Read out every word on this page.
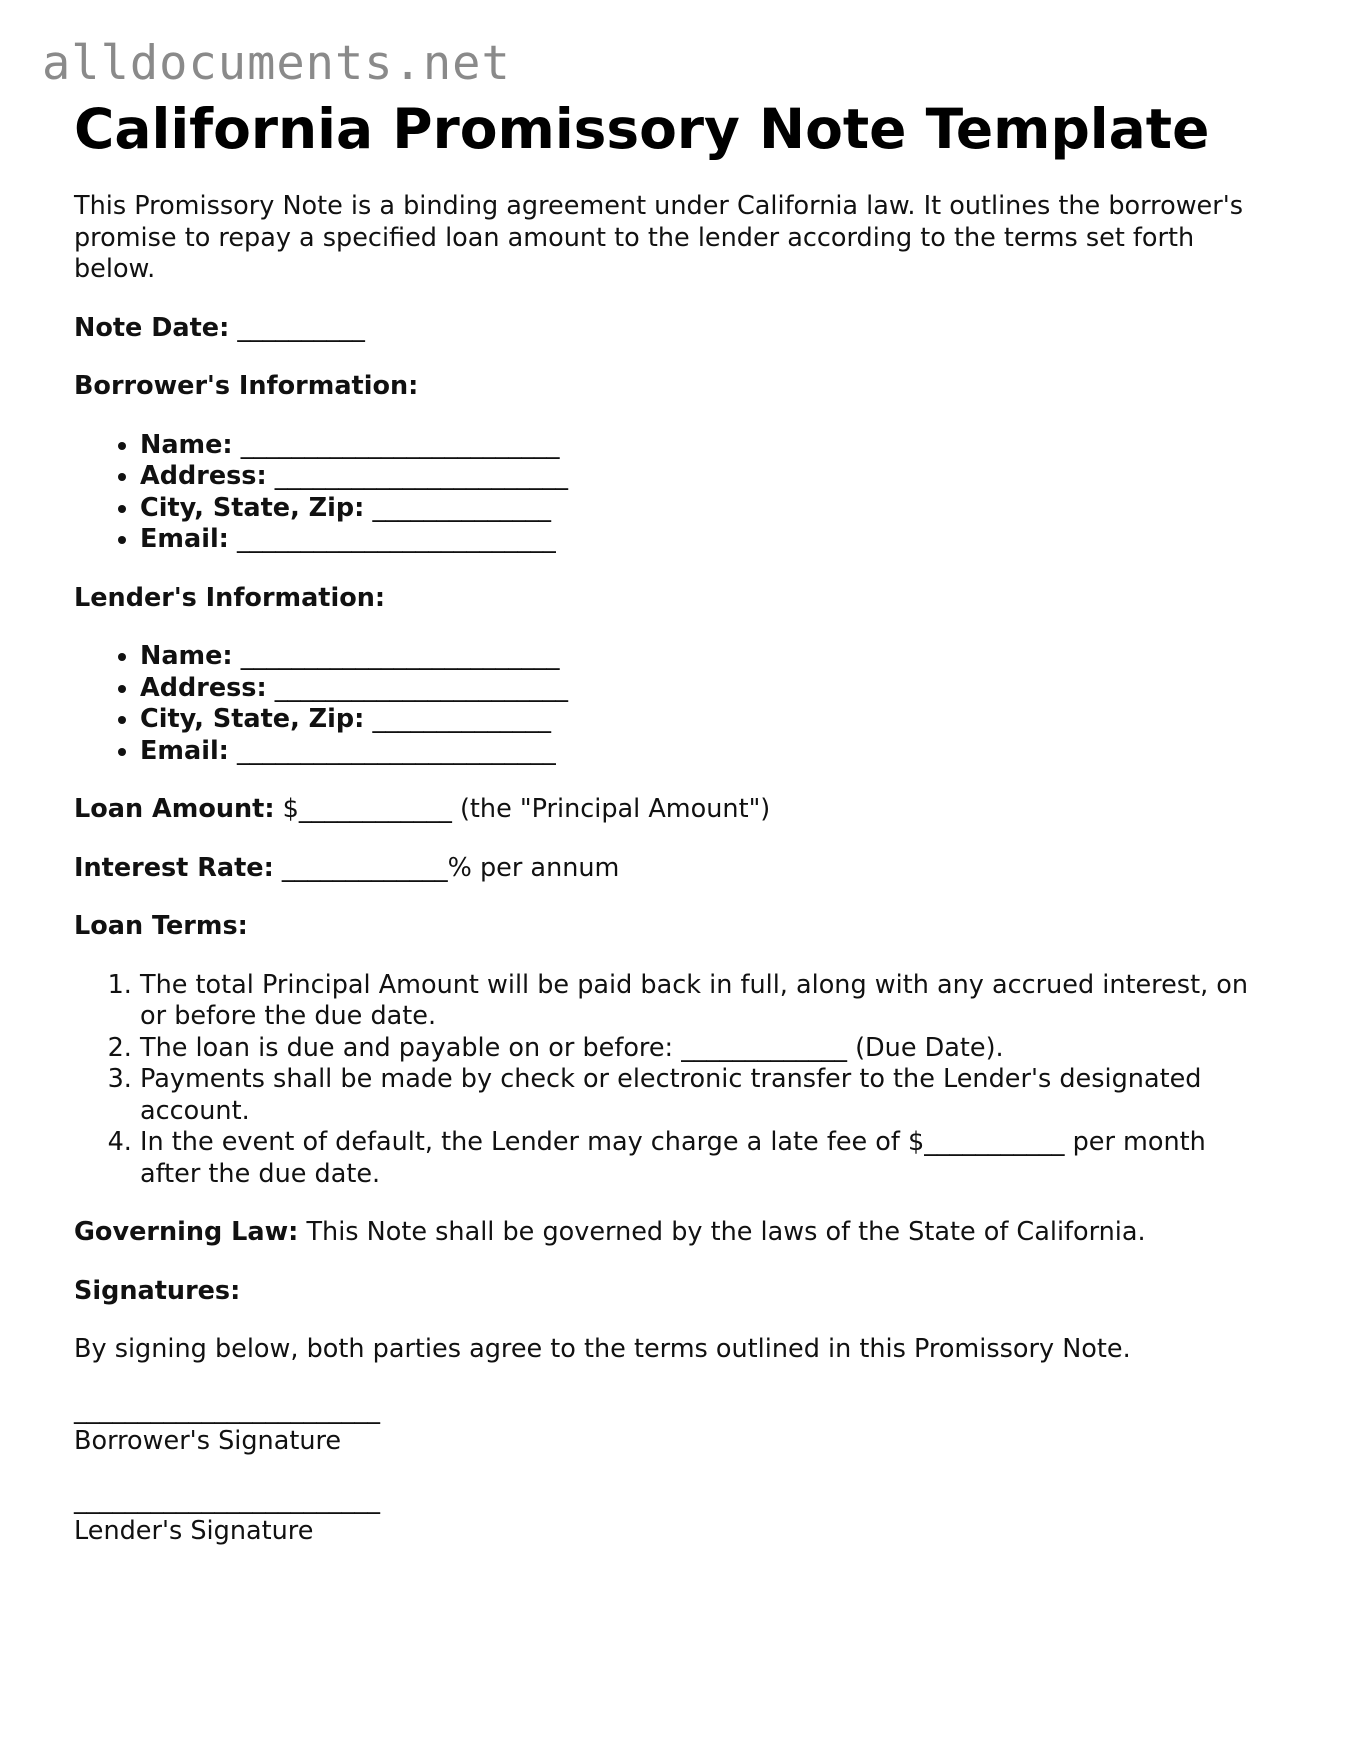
alldocuments.net
California Promissory Note Template

This Promissory Note is a binding agreement under California law. It outlines the borrower's promise to repay a specified loan amount to the lender according to the terms set forth below.

Note Date: __________

Borrower's Information:

• Name: _________________________
• Address: _______________________
• City, State, Zip: ______________
• Email: _________________________

Lender's Information:

• Name: _________________________
• Address: _______________________
• City, State, Zip: ______________
• Email: _________________________

Loan Amount: $____________ (the "Principal Amount")

Interest Rate: _____________% per annum

Loan Terms:

1. The total Principal Amount will be paid back in full, along with any accrued interest, on or before the due date.
2. The loan is due and payable on or before: _____________ (Due Date).
3. Payments shall be made by check or electronic transfer to the Lender's designated account.
4. In the event of default, the Lender may charge a late fee of $___________ per month after the due date.

Governing Law: This Note shall be governed by the laws of the State of California.

Signatures:

By signing below, both parties agree to the terms outlined in this Promissory Note.

________________________
Borrower's Signature
________________________
Lender's Signature
